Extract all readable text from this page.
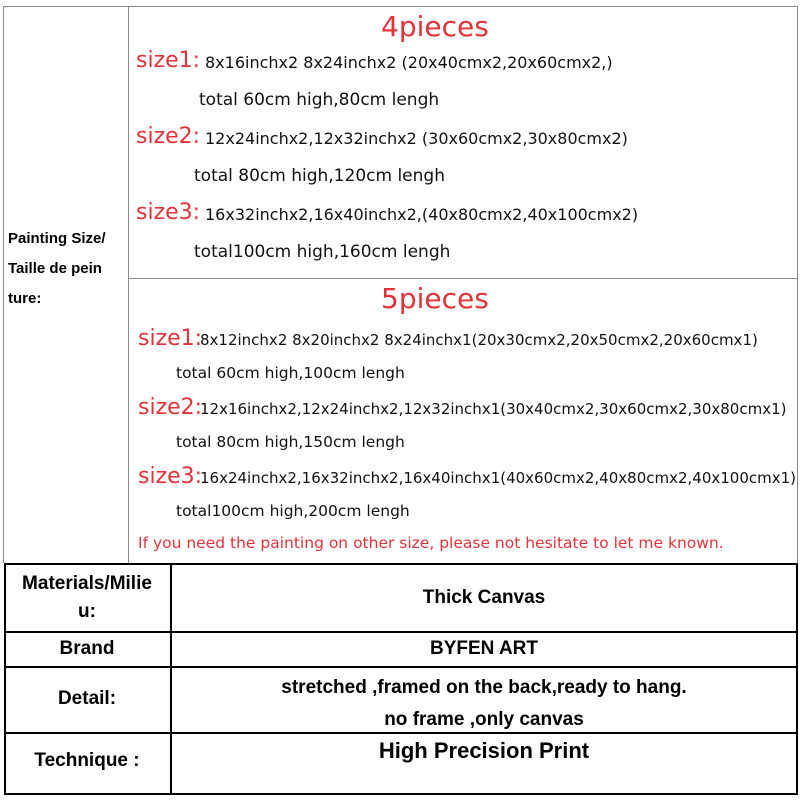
Painting Size/
Taille de pein
ture:
4pieces
size1: 8x16inchx2 8x24inchx2 (20x40cmx2,20x60cmx2,)
total 60cm high,80cm lengh
size2: 12x24inchx2,12x32inchx2 (30x60cmx2,30x80cmx2)
total 80cm high,120cm lengh
size3: 16x32inchx2,16x40inchx2,(40x80cmx2,40x100cmx2)
total100cm high,160cm lengh
5pieces
size1:
8x12inchx2 8x20inchx2 8x24inchx1(20x30cmx2,20x50cmx2,20x60cmx1)
total 60cm high,100cm lengh
size2:
12x16inchx2,12x24inchx2,12x32inchx1(30x40cmx2,30x60cmx2,30x80cmx1)
total 80cm high,150cm lengh
size3:
16x24inchx2,16x32inchx2,16x40inchx1(40x60cmx2,40x80cmx2,40x100cmx1)
total100cm high,200cm lengh
If you need the painting on other size, please not hesitate to let me known.
Materials/Milie
u:
Thick Canvas
Brand	BYFEN ART
Detail:
stretched ,framed on the back,ready to hang.
no frame ,only canvas
Technique :	High Precision Print
